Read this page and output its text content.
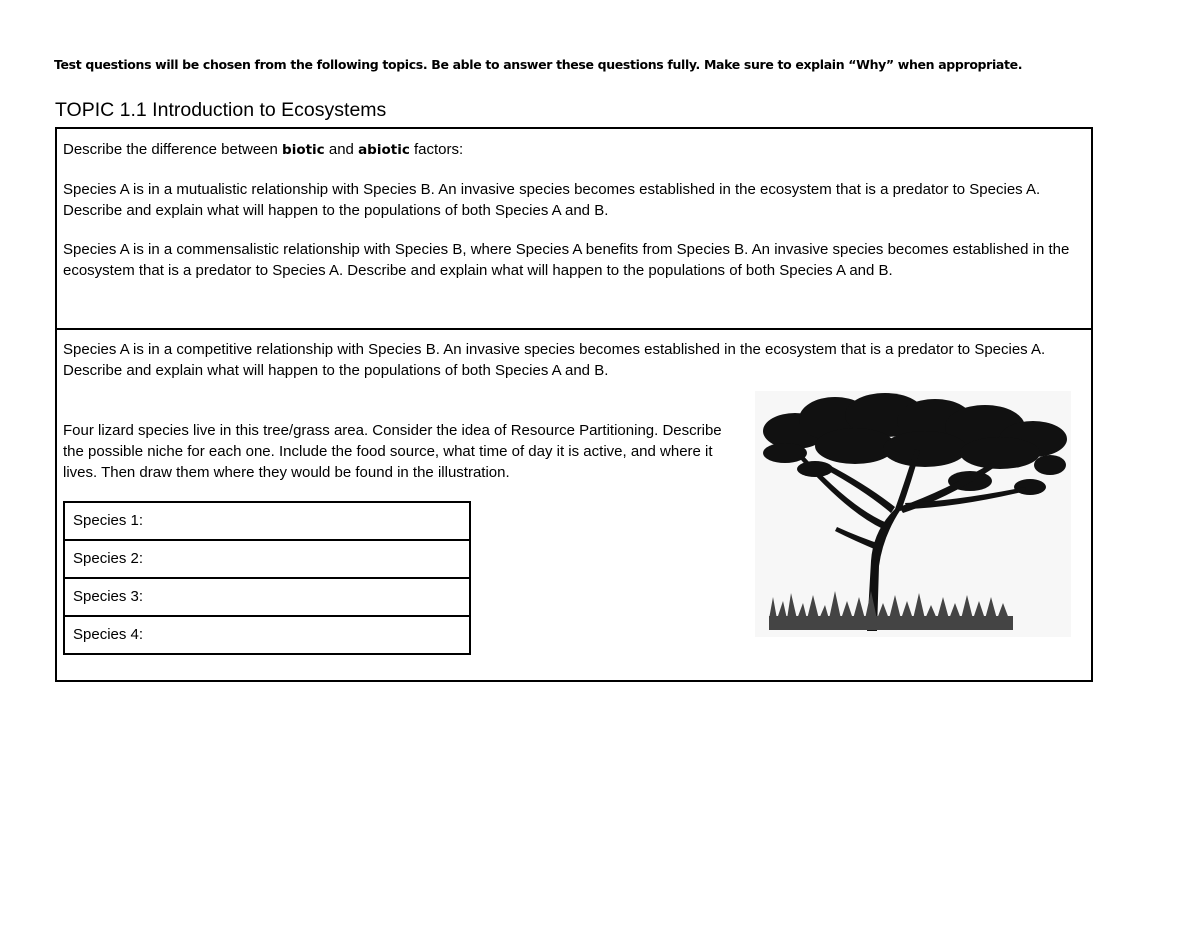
Test questions will be chosen from the following topics. Be able to answer these questions fully. Make sure to explain “Why” when appropriate.
TOPIC 1.1 Introduction to Ecosystems
Describe the difference between biotic and abiotic factors:
Species A is in a mutualistic relationship with Species B. An invasive species becomes established in the ecosystem that is a predator to Species A. Describe and explain what will happen to the populations of both Species A and B.
Species A is in a commensalistic relationship with Species B, where Species A benefits from Species B. An invasive species becomes established in the ecosystem that is a predator to Species A. Describe and explain what will happen to the populations of both Species A and B.
Species A is in a competitive relationship with Species B. An invasive species becomes established in the ecosystem that is a predator to Species A. Describe and explain what will happen to the populations of both Species A and B.
Four lizard species live in this tree/grass area. Consider the idea of Resource Partitioning. Describe the possible niche for each one. Include the food source, what time of day it is active, and where it lives. Then draw them where they would be found in the illustration.
Species 1:
Species 2:
Species 3:
Species 4:
